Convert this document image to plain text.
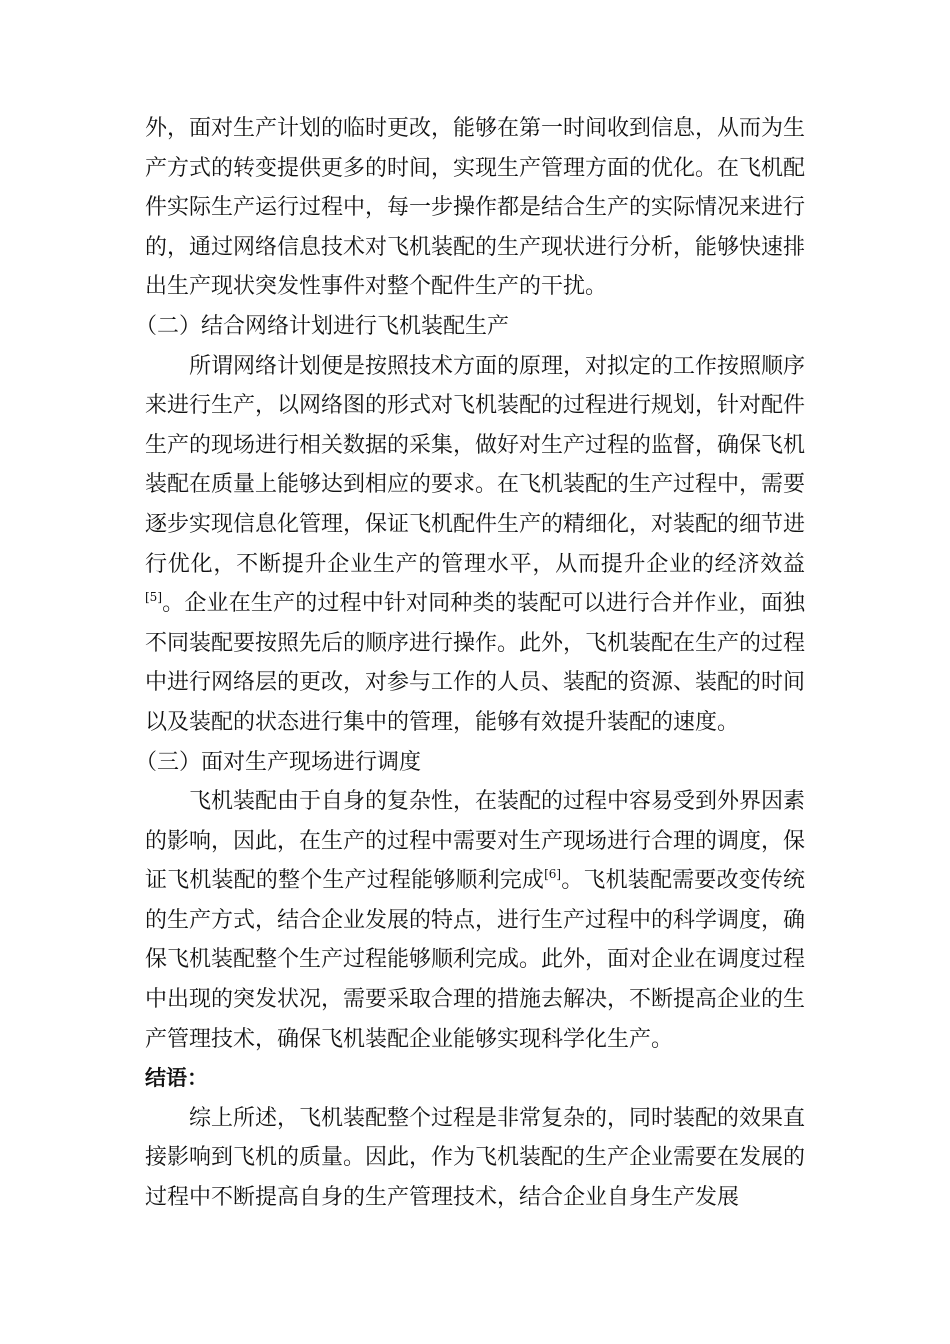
外，面对生产计划的临时更改，能够在第一时间收到信息，从而为生产方式的转变提供更多的时间，实现生产管理方面的优化。在飞机配件实际生产运行过程中，每一步操作都是结合生产的实际情况来进行的，通过网络信息技术对飞机装配的生产现状进行分析，能够快速排出生产现状突发性事件对整个配件生产的干扰。

（二）结合网络计划进行飞机装配生产

所谓网络计划便是按照技术方面的原理，对拟定的工作按照顺序来进行生产，以网络图的形式对飞机装配的过程进行规划，针对配件生产的现场进行相关数据的采集，做好对生产过程的监督，确保飞机装配在质量上能够达到相应的要求。在飞机装配的生产过程中，需要逐步实现信息化管理，保证飞机配件生产的精细化，对装配的细节进行优化，不断提升企业生产的管理水平，从而提升企业的经济效益[5]。企业在生产的过程中针对同种类的装配可以进行合并作业，面独不同装配要按照先后的顺序进行操作。此外，飞机装配在生产的过程中进行网络层的更改，对参与工作的人员、装配的资源、装配的时间以及装配的状态进行集中的管理，能够有效提升装配的速度。

（三）面对生产现场进行调度

飞机装配由于自身的复杂性，在装配的过程中容易受到外界因素的影响，因此，在生产的过程中需要对生产现场进行合理的调度，保证飞机装配的整个生产过程能够顺利完成[6]。飞机装配需要改变传统的生产方式，结合企业发展的特点，进行生产过程中的科学调度，确保飞机装配整个生产过程能够顺利完成。此外，面对企业在调度过程中出现的突发状况，需要采取合理的措施去解决，不断提高企业的生产管理技术，确保飞机装配企业能够实现科学化生产。

结语：

综上所述，飞机装配整个过程是非常复杂的，同时装配的效果直接影响到飞机的质量。因此，作为飞机装配的生产企业需要在发展的过程中不断提高自身的生产管理技术，结合企业自身生产发展
